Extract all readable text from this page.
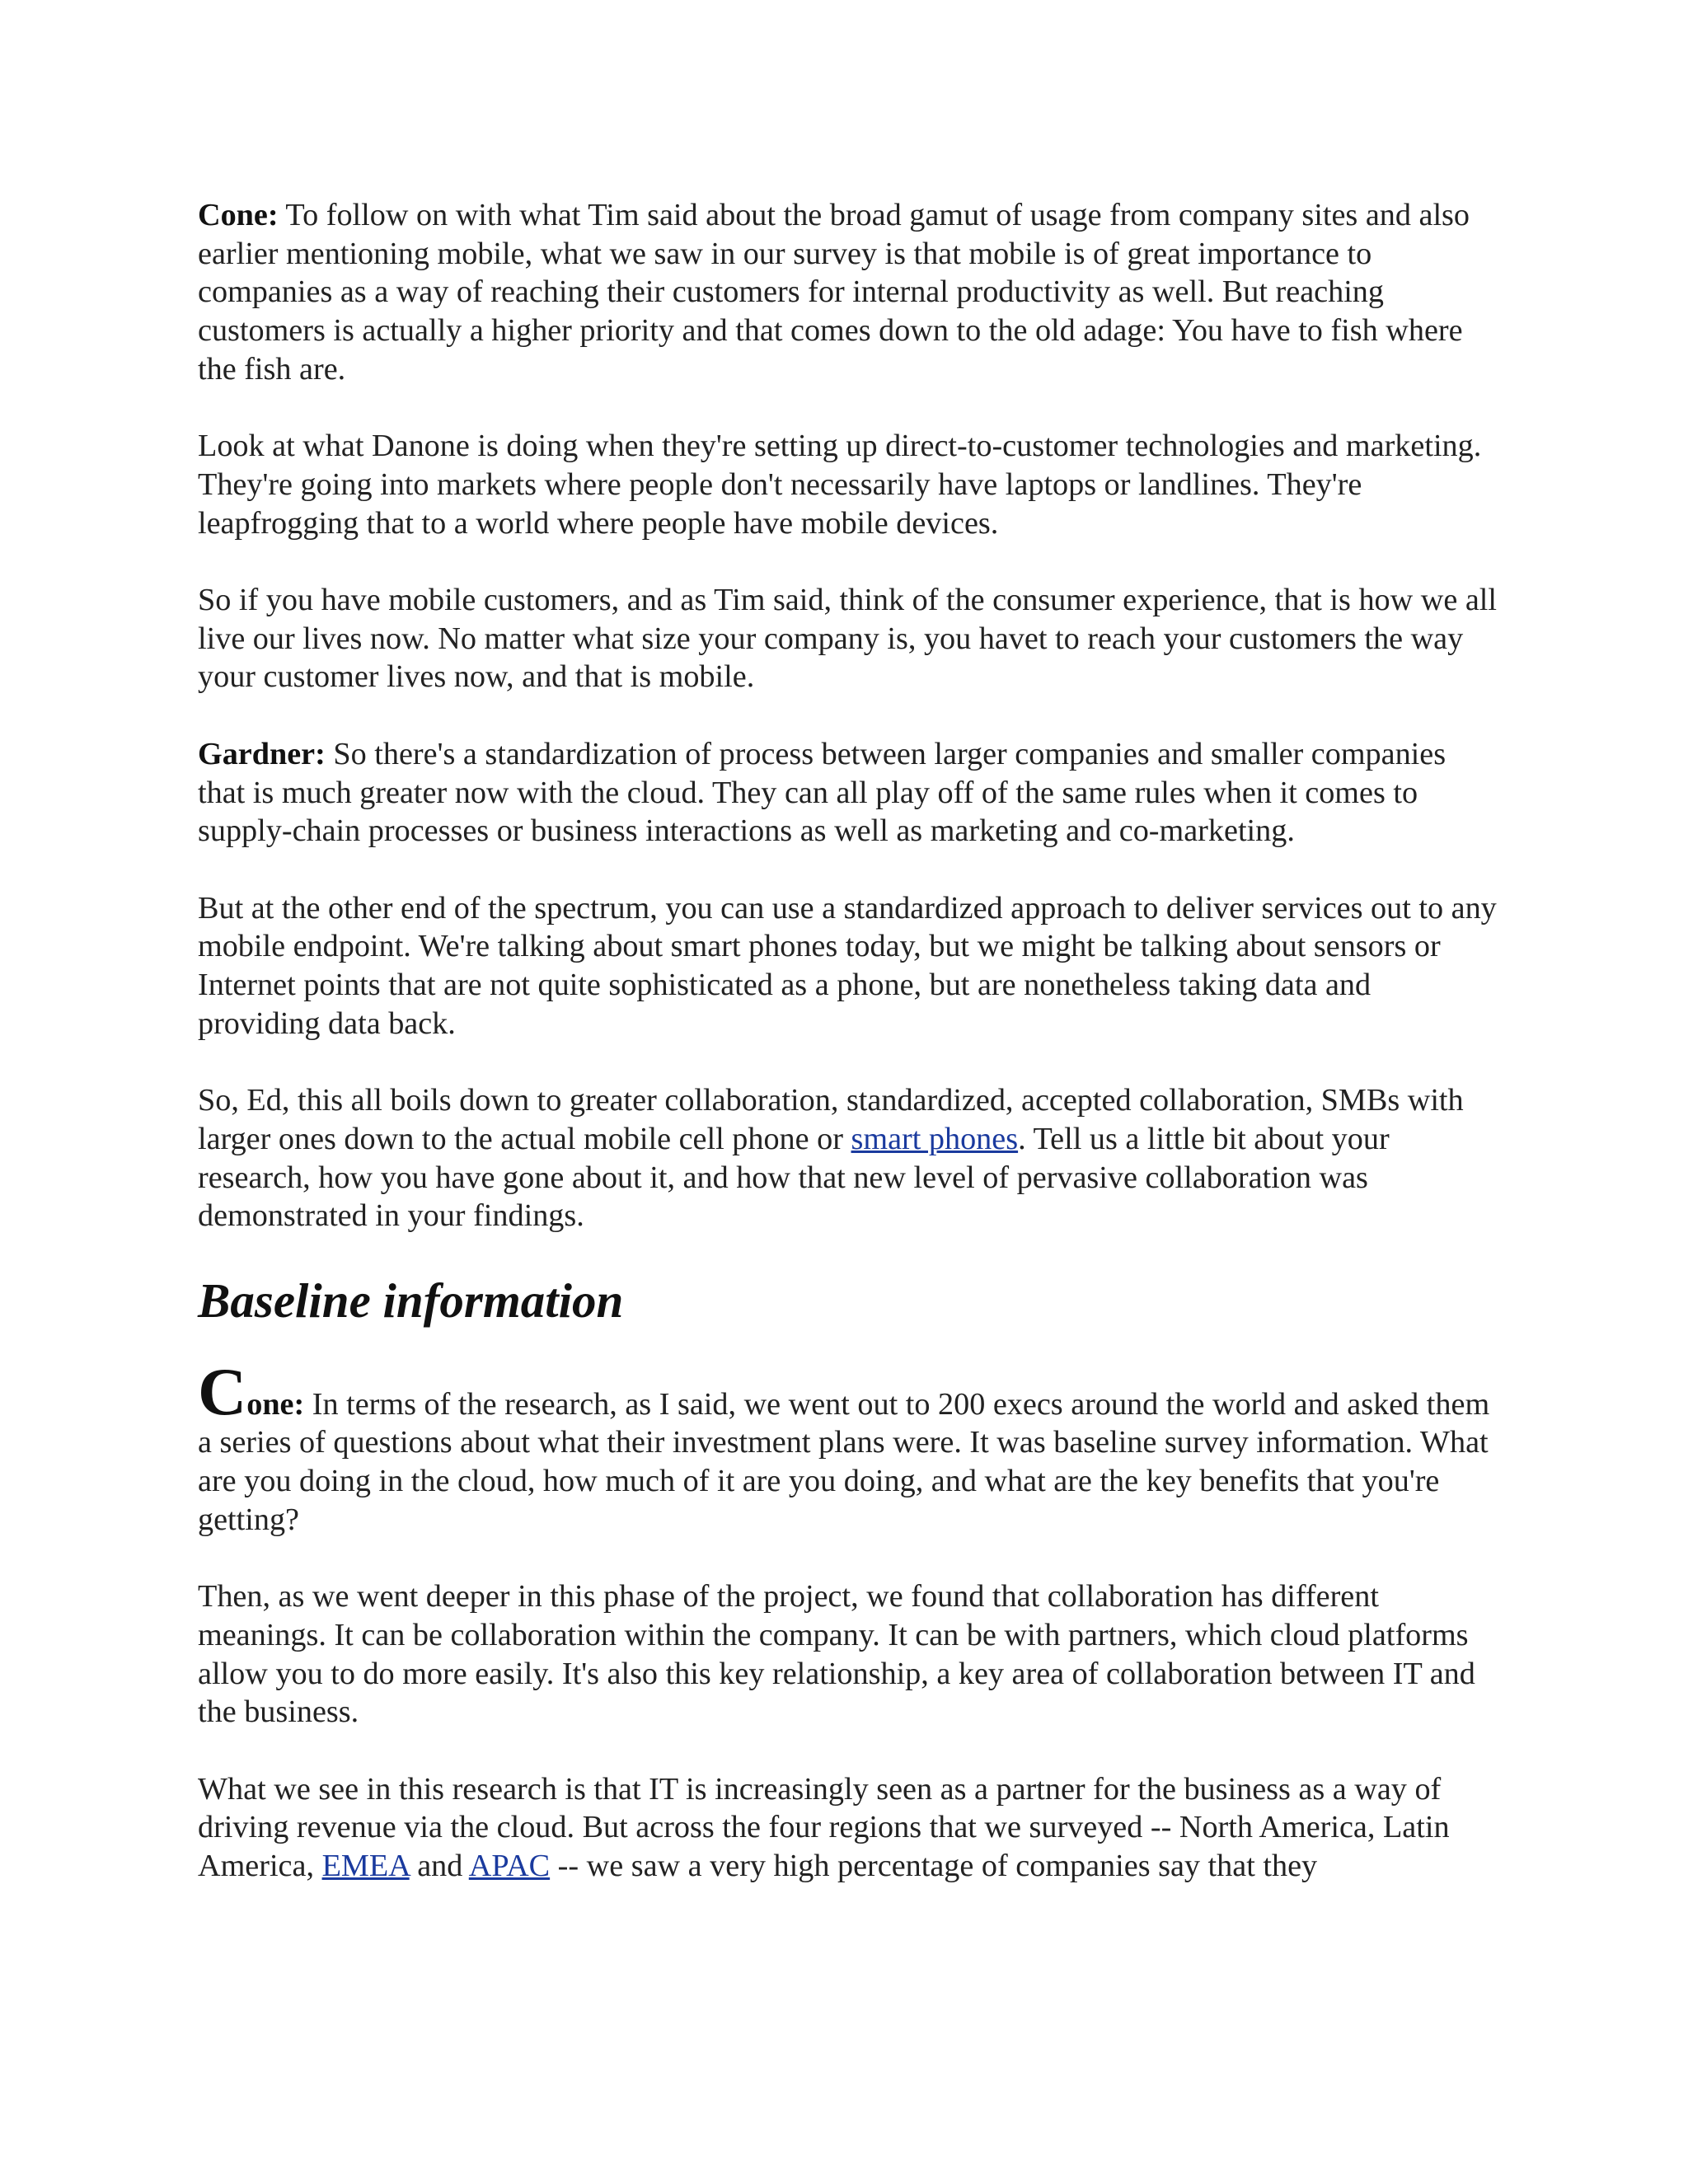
Cone: To follow on with what Tim said about the broad gamut of usage from company sites and also earlier mentioning mobile, what we saw in our survey is that mobile is of great importance to companies as a way of reaching their customers for internal productivity as well. But reaching customers is actually a higher priority and that comes down to the old adage: You have to fish where the fish are.

Look at what Danone is doing when they're setting up direct-to-customer technologies and marketing. They're going into markets where people don't necessarily have laptops or landlines. They're leapfrogging that to a world where people have mobile devices.

So if you have mobile customers, and as Tim said, think of the consumer experience, that is how we all live our lives now. No matter what size your company is, you havet to reach your customers the way your customer lives now, and that is mobile.

Gardner: So there's a standardization of process between larger companies and smaller companies that is much greater now with the cloud. They can all play off of the same rules when it comes to supply-chain processes or business interactions as well as marketing and co-marketing.

But at the other end of the spectrum, you can use a standardized approach to deliver services out to any mobile endpoint. We're talking about smart phones today, but we might be talking about sensors or Internet points that are not quite sophisticated as a phone, but are nonetheless taking data and providing data back.

So, Ed, this all boils down to greater collaboration, standardized, accepted collaboration, SMBs with larger ones down to the actual mobile cell phone or smart phones. Tell us a little bit about your research, how you have gone about it, and how that new level of pervasive collaboration was demonstrated in your findings.

Baseline information

Cone: In terms of the research, as I said, we went out to 200 execs around the world and asked them a series of questions about what their investment plans were. It was baseline survey information. What are you doing in the cloud, how much of it are you doing, and what are the key benefits that you're getting?

Then, as we went deeper in this phase of the project, we found that collaboration has different meanings. It can be collaboration within the company. It can be with partners, which cloud platforms allow you to do more easily. It's also this key relationship, a key area of collaboration between IT and the business.

What we see in this research is that IT is increasingly seen as a partner for the business as a way of driving revenue via the cloud. But across the four regions that we surveyed -- North America, Latin America, EMEA and APAC -- we saw a very high percentage of companies say that they
